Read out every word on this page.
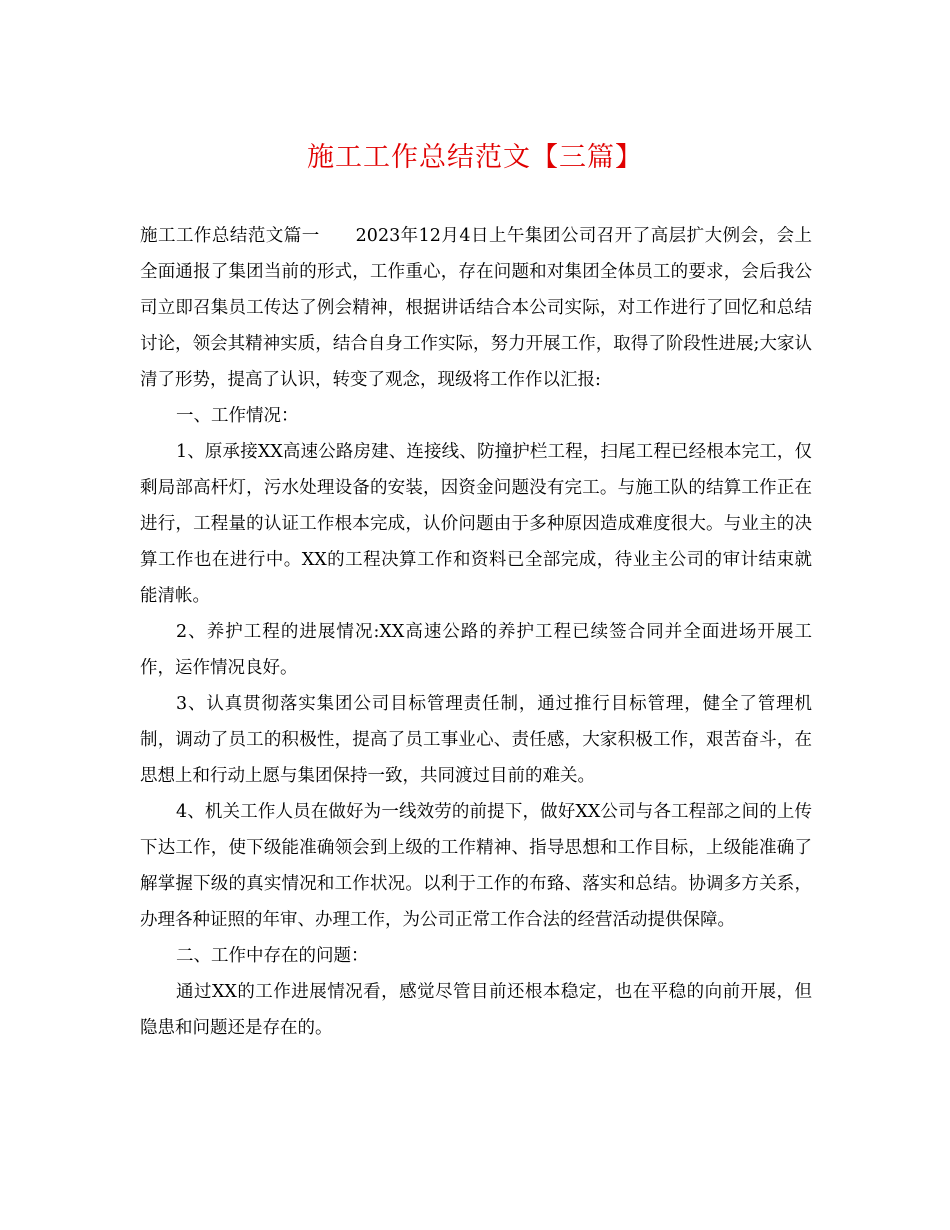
施工工作总结范文【三篇】

施工工作总结范文篇一　　2023年12月4日上午集团公司召开了高层扩大例会，会上全面通报了集团当前的形式，工作重心，存在问题和对集团全体员工的要求，会后我公司立即召集员工传达了例会精神，根据讲话结合本公司实际，对工作进行了回忆和总结讨论，领会其精神实质，结合自身工作实际，努力开展工作，取得了阶段性进展;大家认清了形势，提高了认识，转变了观念，现级将工作作以汇报:

一、工作情况：

1、原承接XX高速公路房建、连接线、防撞护栏工程，扫尾工程已经根本完工，仅剩局部高杆灯，污水处理设备的安装，因资金问题没有完工。与施工队的结算工作正在进行，工程量的认证工作根本完成，认价问题由于多种原因造成难度很大。与业主的决算工作也在进行中。XX的工程决算工作和资料已全部完成，待业主公司的审计结束就能清帐。

2、养护工程的进展情况:XX高速公路的养护工程已续签合同并全面进场开展工作，运作情况良好。

3、认真贯彻落实集团公司目标管理责任制，通过推行目标管理，健全了管理机制，调动了员工的积极性，提高了员工事业心、责任感，大家积极工作，艰苦奋斗，在思想上和行动上愿与集团保持一致，共同渡过目前的难关。

4、机关工作人员在做好为一线效劳的前提下，做好XX公司与各工程部之间的上传下达工作，使下级能准确领会到上级的工作精神、指导思想和工作目标，上级能准确了解掌握下级的真实情况和工作状况。以利于工作的布臵、落实和总结。协调多方关系，办理各种证照的年审、办理工作，为公司正常工作合法的经营活动提供保障。

二、工作中存在的问题：

通过XX的工作进展情况看，感觉尽管目前还根本稳定，也在平稳的向前开展，但隐患和问题还是存在的。
